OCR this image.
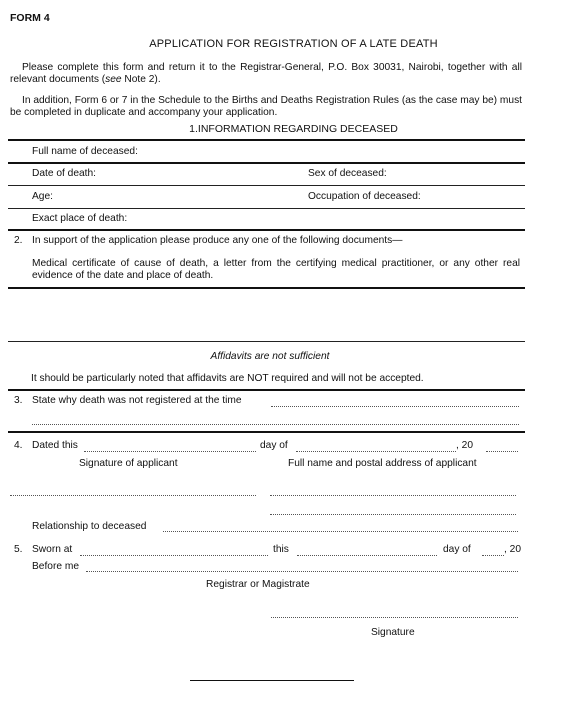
FORM 4
APPLICATION FOR REGISTRATION OF A LATE DEATH
Please complete this form and return it to the Registrar-General, P.O. Box 30031, Nairobi, together with all relevant documents (see Note 2).
In addition, Form 6 or 7 in the Schedule to the Births and Deaths Registration Rules (as the case may be) must be completed in duplicate and accompany your application.
1.INFORMATION REGARDING DECEASED
Full name of deceased:
Date of death:	Sex of deceased:
Age:	Occupation of deceased:
Exact place of death:
2. In support of the application please produce any one of the following documents—
Medical certificate of cause of death, a letter from the certifying medical practitioner, or any other real evidence of the date and place of death.
Affidavits are not sufficient
It should be particularly noted that affidavits are NOT required and will not be accepted.
3. State why death was not registered at the time
4. Dated this	day of	, 20
Signature of applicant	Full name and postal address of applicant
Relationship to deceased
5. Sworn at	this	day of	, 20
Before me
Registrar or Magistrate
Signature
